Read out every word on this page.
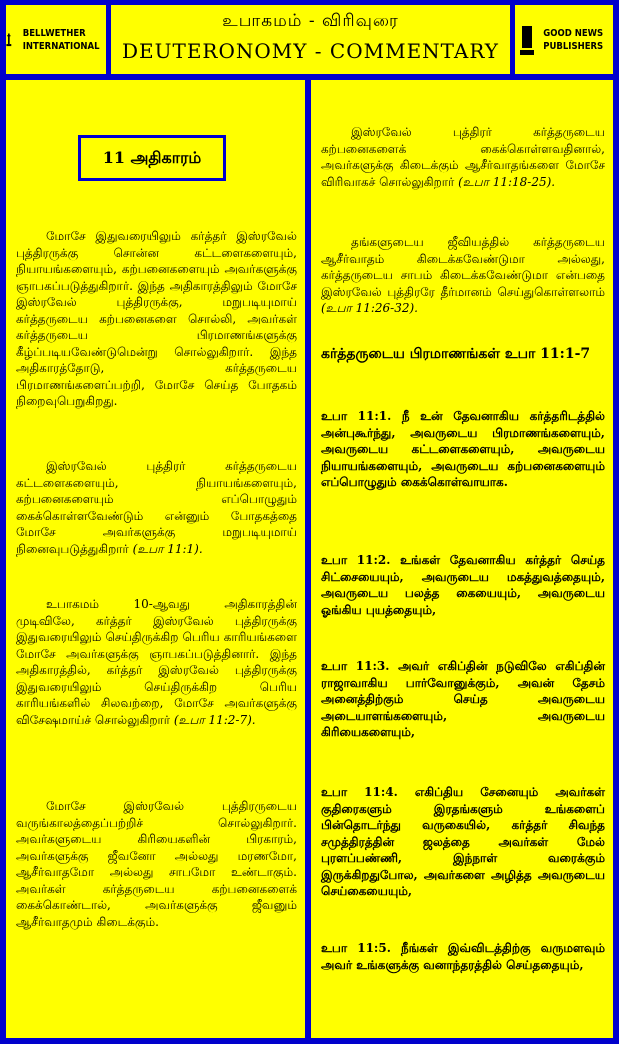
BELLWETHER
INTERNATIONAL
உபாகமம் - விரிவுரை
DEUTERONOMY - COMMENTARY
GOOD NEWS
PUBLISHERS
11 அதிகாரம்

மோசே இதுவரையிலும் கர்த்தர் இஸ்ரவேல் புத்திரருக்கு சொன்ன கட்டளைகளையும், நியாயங்களையும், கற்பனைகளையும் அவர்களுக்கு ஞாபகப்படுத்துகிறார். இந்த அதிகாரத்திலும் மோசே இஸ்ரவேல் புத்திரருக்கு, மறுபடியுமாய் கர்த்தருடைய கற்பனைகளை சொல்லி, அவர்கள் கர்த்தருடைய பிரமாணங்களுக்கு கீழ்ப்படியவேண்டுமென்று சொல்லுகிறார். இந்த அதிகாரத்தோடு, கர்த்தருடைய பிரமாணங்களைப்பற்றி, மோசே செய்த போதகம் நிறைவுபெறுகிறது.

இஸ்ரவேல் புத்திரர் கர்த்தருடைய கட்டளைகளையும், நியாயங்களையும், கற்பனைகளையும் எப்பொழுதும் கைக்கொள்ளவேண்டும் என்னும் போதகத்தை மோசே அவர்களுக்கு மறுபடியுமாய் நினைவுபடுத்துகிறார் (உபா 11:1).

உபாகமம் 10-ஆவது அதிகாரத்தின் முடிவிலே, கர்த்தர் இஸ்ரவேல் புத்திரருக்கு இதுவரையிலும் செய்திருக்கிற பெரிய காரியங்களை மோசே அவர்களுக்கு ஞாபகப்படுத்தினார். இந்த அதிகாரத்தில், கர்த்தர் இஸ்ரவேல் புத்திரருக்கு இதுவரையிலும் செய்திருக்கிற பெரிய காரியங்களில் சிலவற்றை, மோசே அவர்களுக்கு விசேஷமாய்ச் சொல்லுகிறார் (உபா 11:2-7).

மோசே இஸ்ரவேல் புத்திரருடைய வருங்காலத்தைப்பற்றிச் சொல்லுகிறார். அவர்களுடைய கிரியைகளின் பிரகாரம், அவர்களுக்கு ஜீவனோ அல்லது மரணமோ, ஆசீர்வாதமோ அல்லது சாபமோ உண்டாகும். அவர்கள் கர்த்தருடைய கற்பனைகளைக் கைக்கொண்டால், அவர்களுக்கு ஜீவனும் ஆசீர்வாதமும் கிடைக்கும்.

இஸ்ரவேல் புத்திரர் கர்த்தருடைய கற்பனைகளைக் கைக்கொள்ளவதினால், அவர்களுக்கு கிடைக்கும் ஆசீர்வாதங்களை மோசே விரிவாகச் சொல்லுகிறார் (உபா 11:18-25).

தங்களுடைய ஜீவியத்தில் கர்த்தருடைய ஆசீர்வாதம் கிடைக்கவேண்டுமா அல்லது, கர்த்தருடைய சாபம் கிடைக்கவேண்டுமா என்பதை இஸ்ரவேல் புத்திரரே தீர்மானம் செய்துகொள்ளலாம் (உபா 11:26-32).

கர்த்தருடைய பிரமாணங்கள் உபா 11:1-7
உபா 11:1. நீ உன் தேவனாகிய கர்த்தரிடத்தில் அன்புகூர்ந்து, அவருடைய பிரமாணங்களையும், அவருடைய கட்டளைகளையும், அவருடைய நியாயங்களையும், அவருடைய கற்பனைகளையும் எப்பொழுதும் கைக்கொள்வாயாக.
உபா 11:2. உங்கள் தேவனாகிய கர்த்தர் செய்த சிட்சையையும், அவருடைய மகத்துவத்தையும், அவருடைய பலத்த கையையும், அவருடைய ஓங்கிய புயத்தையும்,
உபா 11:3. அவர் எகிப்தின் நடுவிலே எகிப்தின் ராஜாவாகிய பார்வோனுக்கும், அவன் தேசம் அனைத்திற்கும் செய்த அவருடைய அடையாளங்களையும், அவருடைய கிரியைகளையும்,
உபா 11:4. எகிப்திய சேனையும் அவர்கள் குதிரைகளும் இரதங்களும் உங்களைப் பின்தொடர்ந்து வருகையில், கர்த்தர் சிவந்த சமுத்திரத்தின் ஜலத்தை அவர்கள் மேல் புரளப்பண்ணி, இந்நாள் வரைக்கும் இருக்கிறதுபோல, அவர்களை அழித்த அவருடைய செய்கையையும்,
உபா 11:5. நீங்கள் இவ்விடத்திற்கு வருமளவும் அவர் உங்களுக்கு வனாந்தரத்தில் செய்ததையும்,
